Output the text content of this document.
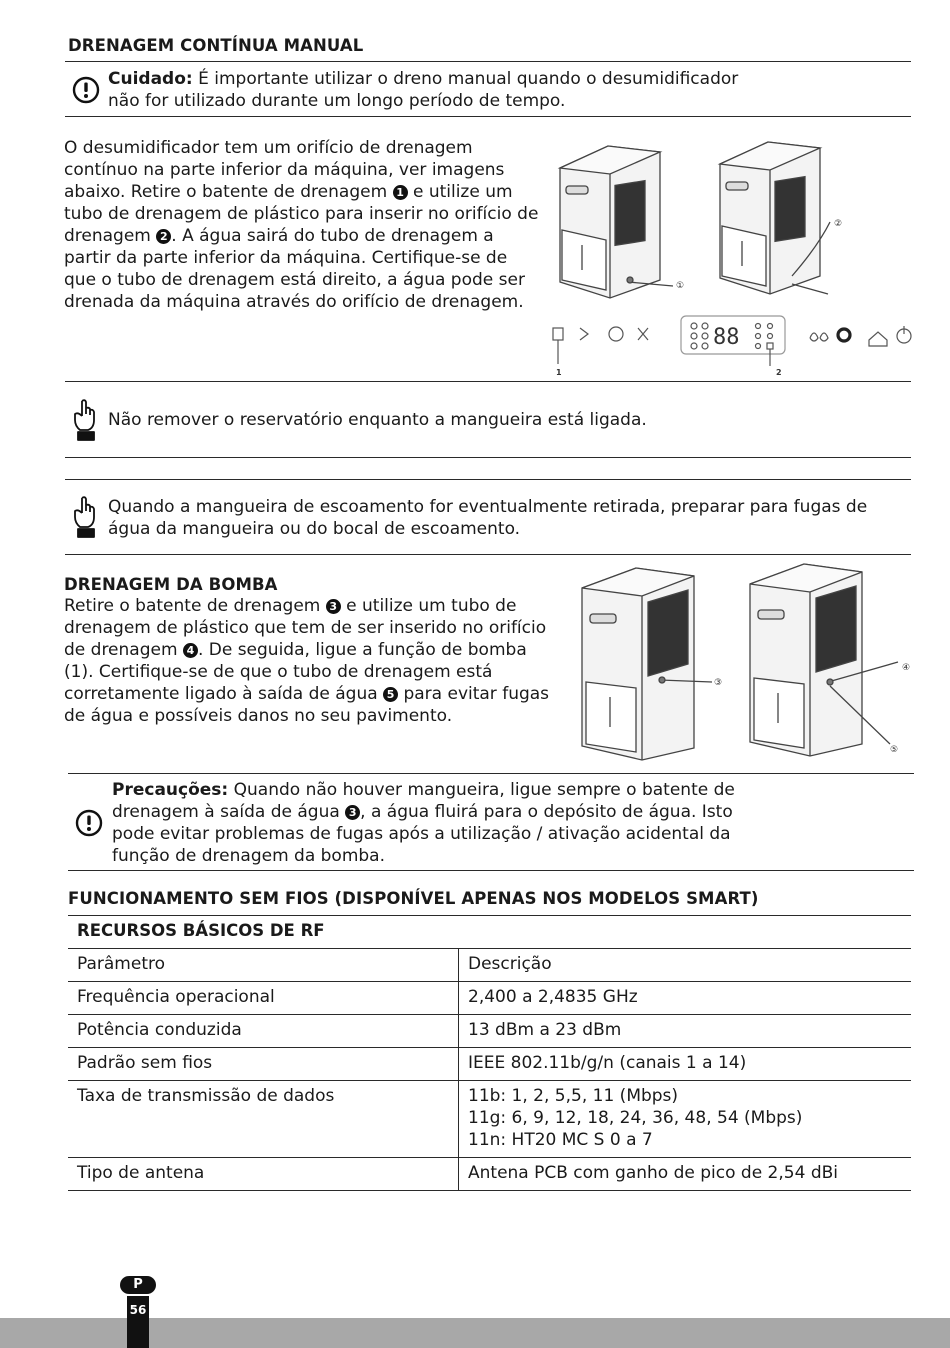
DRENAGEM CONTÍNUA MANUAL
Cuidado: É importante utilizar o dreno manual quando o desumidificador não for utilizado durante um longo período de tempo.
O desumidificador tem um orifício de drenagem contínuo na parte inferior da máquina, ver imagens abaixo. Retire o batente de drenagem 1 e utilize um tubo de drenagem de plástico para inserir no orifício de drenagem 2 . A água sairá do tubo de drenagem a partir da parte inferior da máquina. Certifique-se de que o tubo de drenagem está direito, a água pode ser drenada da máquina através do orifício de drenagem.
①
②
88
1	2
Não remover o reservatório enquanto a mangueira está ligada.
Quando a mangueira de escoamento for eventualmente retirada, preparar para fugas de água da mangueira ou do bocal de escoamento.
DRENAGEM DA BOMBA
Retire o batente de drenagem 3 e utilize um tubo de drenagem de plástico que tem de ser inserido no orifício de drenagem 4 . De seguida, ligue a função de bomba (1). Certifique-se de que o tubo de drenagem está corretamente ligado à saída de água 5 para evitar fugas de água e possíveis danos no seu pavimento.
③
④
⑤
Precauções: Quando não houver mangueira, ligue sempre o batente de drenagem à saída de água 3 , a água fluirá para o depósito de água. Isto pode evitar problemas de fugas após a utilização / ativação acidental da função de drenagem da bomba.
FUNCIONAMENTO SEM FIOS (DISPONÍVEL APENAS NOS MODELOS SMART)
RECURSOS BÁSICOS DE RF	
Parâmetro	Descrição
Frequência operacional	2,400 a 2,4835 GHz

Potência conduzida	13 dBm a 23 dBm

Padrão sem fios	IEEE 802.11b/g/n (canais 1 a 14)

Taxa de transmissão de dados	11b: 1, 2, 5,5, 11 (Mbps)
11g: 6, 9, 12, 18, 24, 36, 48, 54 (Mbps)
11n: HT20 MC S 0 a 7

Tipo de antena	Antena PCB com ganho de pico de 2,54 dBi
P
56
